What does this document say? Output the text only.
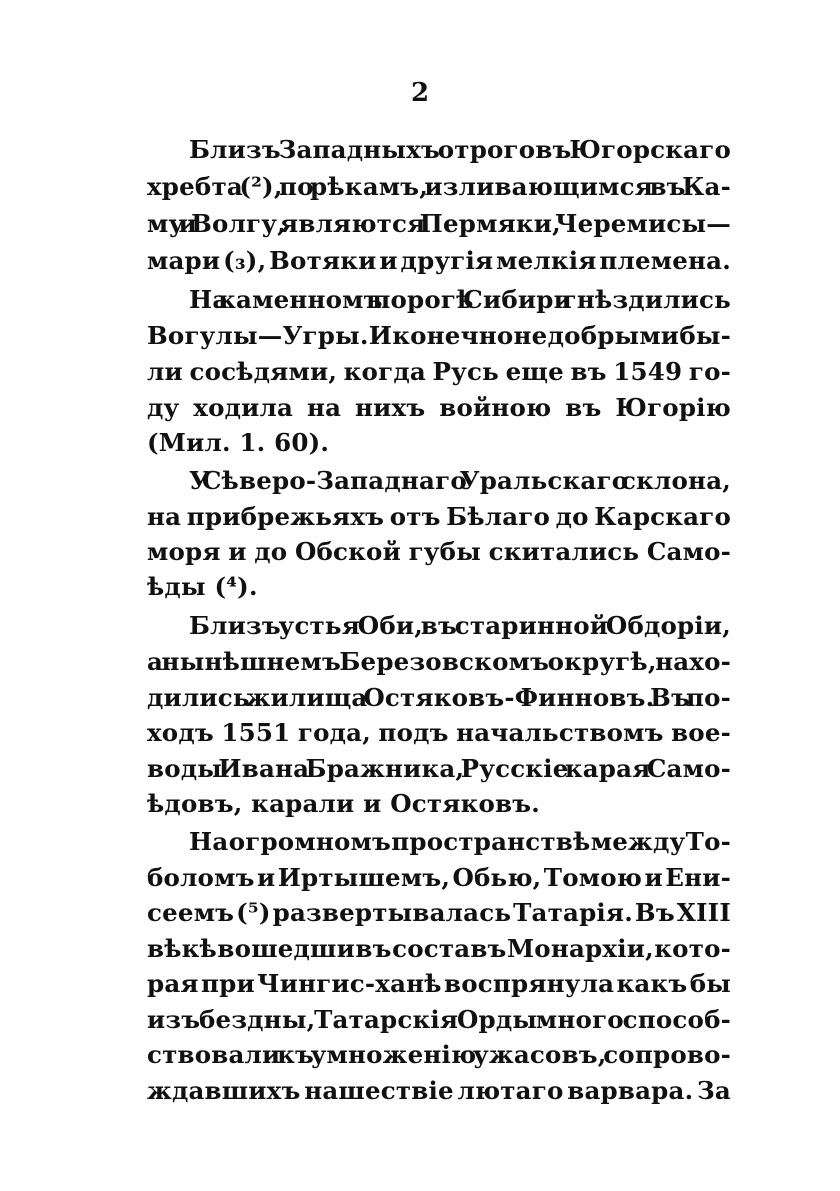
2
Близъ Западныхъ отроговъ Югорскаго
хребта (²), по рѣкамъ, изливающимся въ Ка-
му и Волгу, являются Пермяки, Черемисы—
мари (₃), Вотяки и другія мелкія племена.
На каменномъ порогѣ Сибири гнѣздились
Вогулы—Угры. И конечно не добрыми бы-
ли сосѣдями, когда Русь еще въ 1549 го-
ду ходила на нихъ войною въ Югорію
(Мил. 1. 60).
У Сѣверо-Западнаго Уральскаго склона,
на прибрежьяхъ отъ Бѣлаго до Карскаго
моря и до Обской губы скитались Само-
ѣды (⁴).
Близъ устья Оби, въ старинной Обдоріи,
а нынѣшнемъ Березовскомъ округѣ, нахо-
дились жилища Остяковъ-Финновъ. Въ по-
ходъ 1551 года, подъ начальствомъ вое-
воды Ивана Бражника, Русскіе карая Само-
ѣдовъ, карали и Остяковъ.
На огромномъ пространствѣ между То-
боломъ и Иртышемъ, Обью, Томою и Ени-
сеемъ (⁵) развертывалась Татарія. Въ XIII
вѣкѣ вошедши въ составъ Монархіи, кото-
рая при Чингис-ханѣ воспрянула какъ бы
изъ бездны, Татарскія Орды много способ-
ствовали къ умноженію ужасовъ, сопрово-
ждавшихъ нашествіе лютаго варвара. За
